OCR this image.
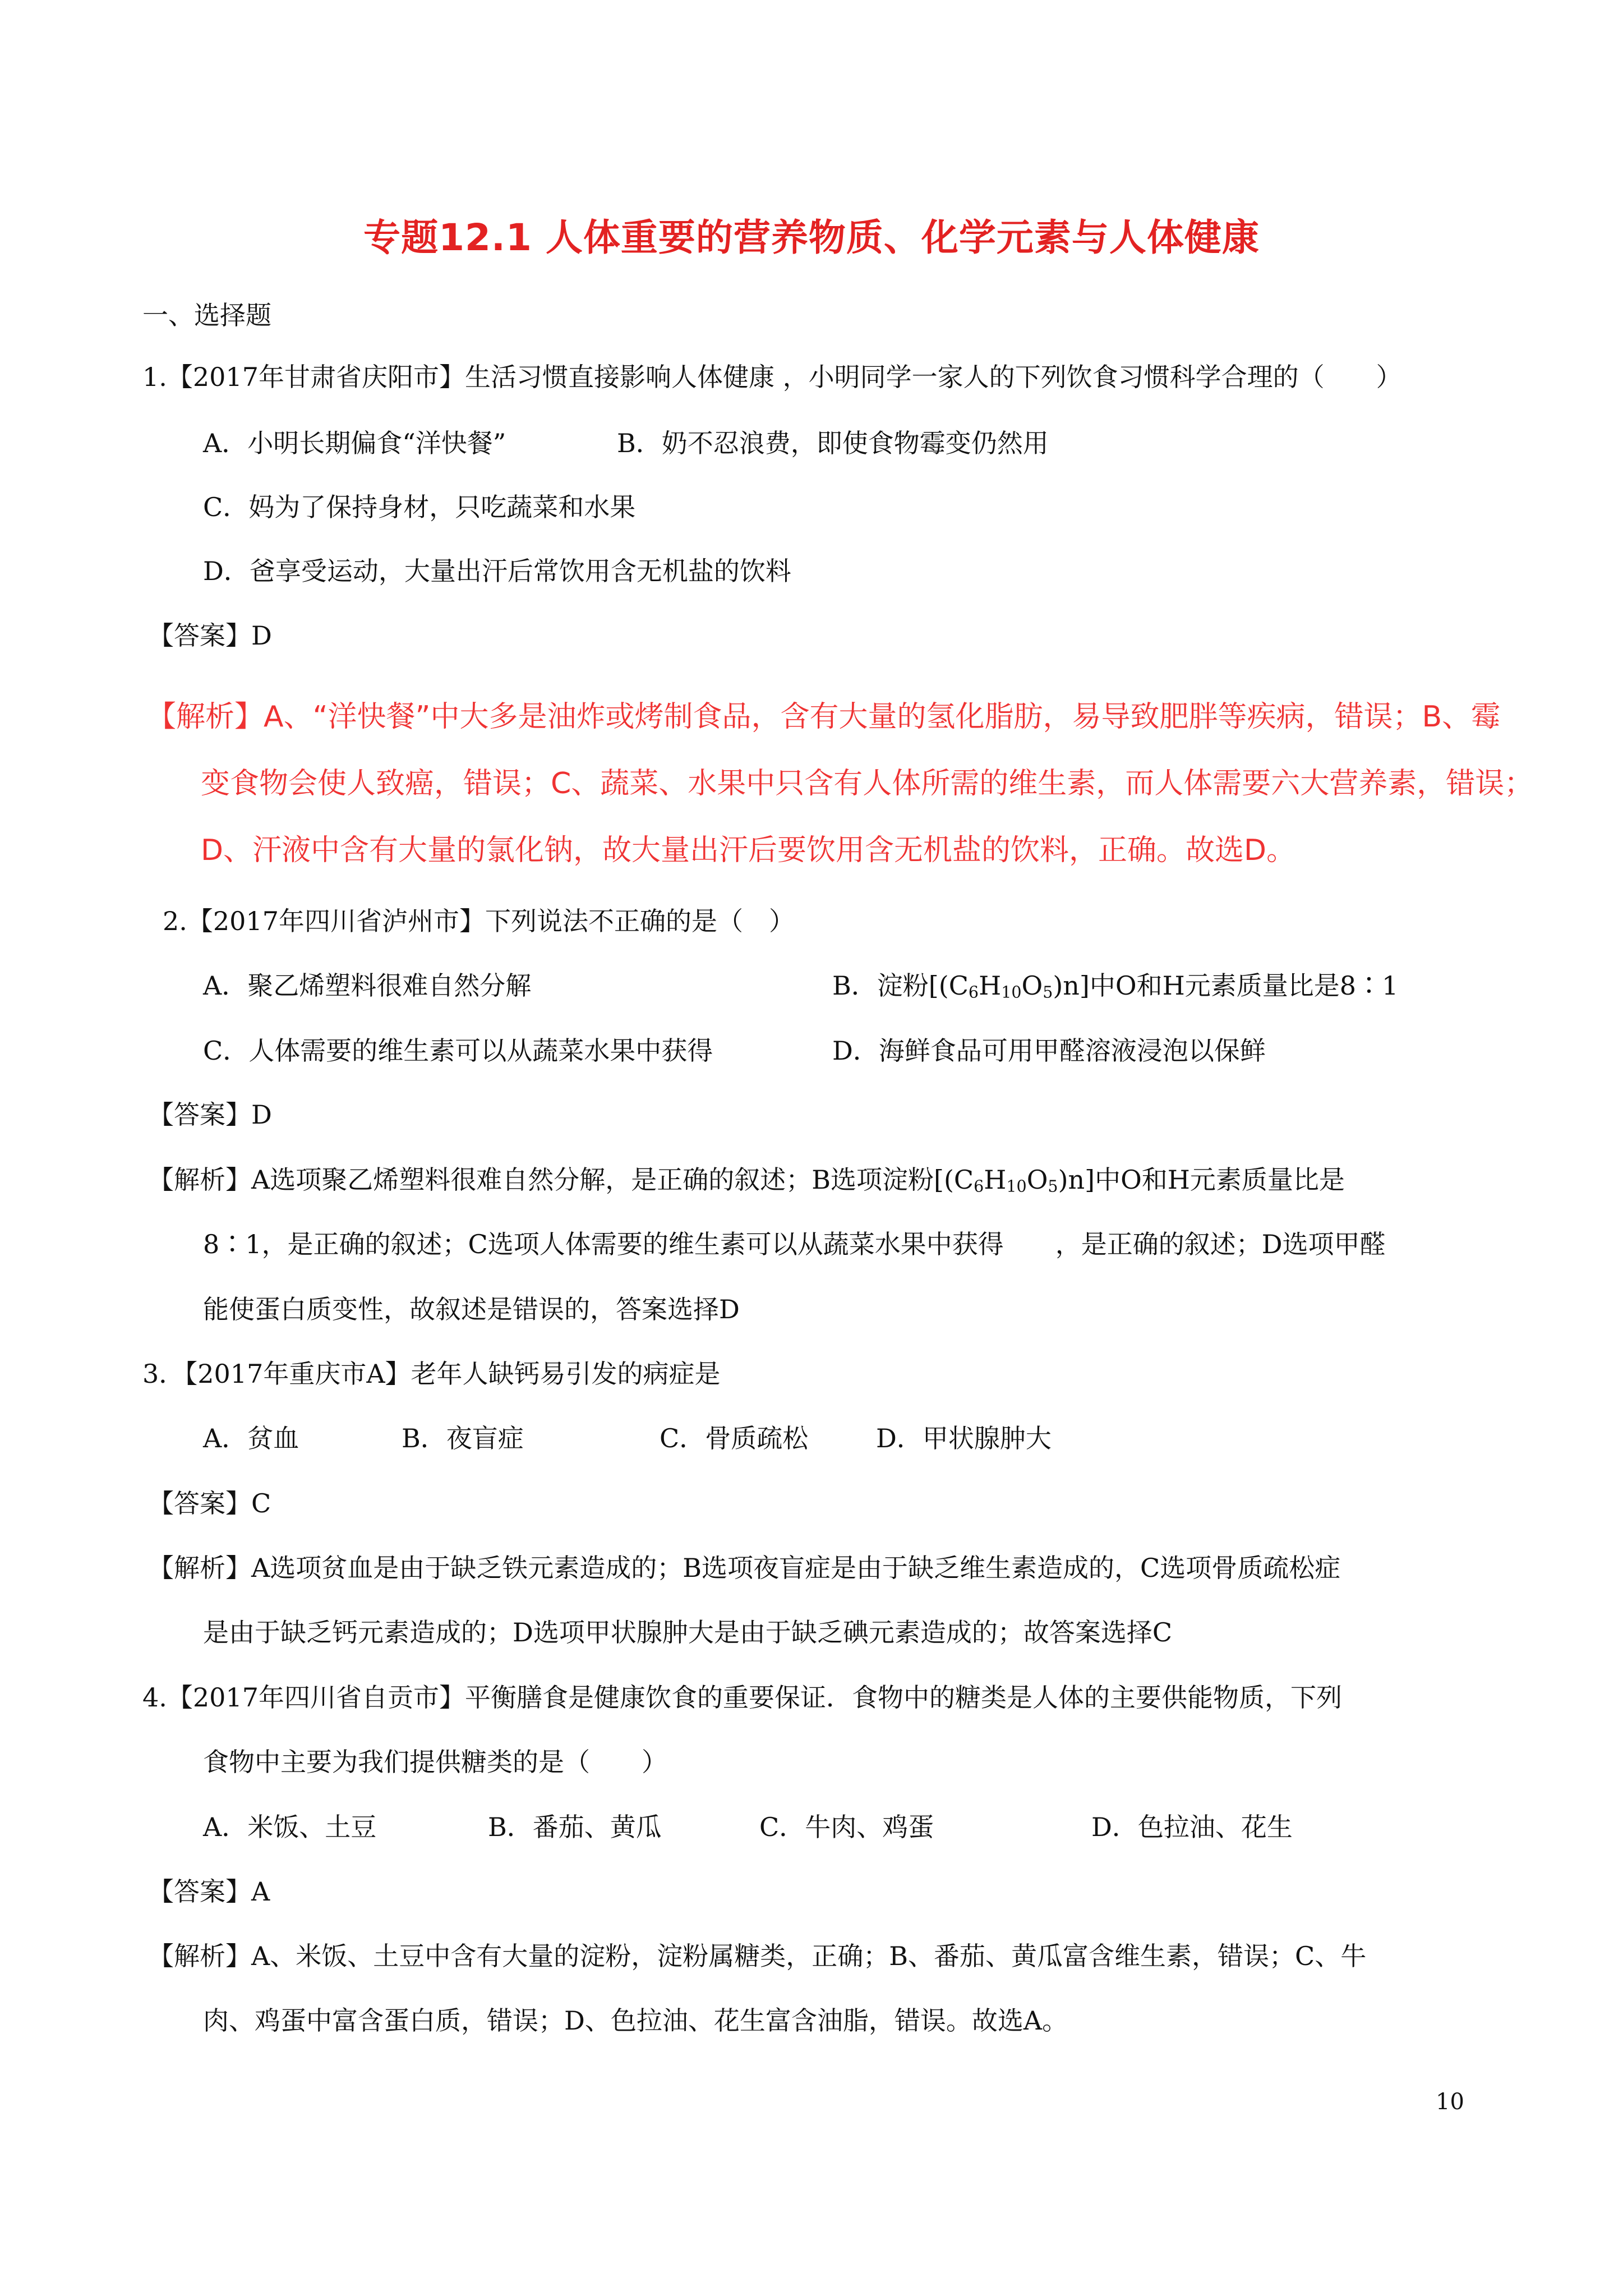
专题12.1 人体重要的营养物质、化学元素与人体健康
一、选择题
1.【2017年甘肃省庆阳市】生活习惯直接影响人体健康 ，小明同学一家人的下列饮食习惯科学合理的（　　）
A．小明长期偏食“洋快餐”	B．奶不忍浪费，即使食物霉变仍然用
C．妈为了保持身材，只吃蔬菜和水果
D．爸享受运动，大量出汗后常饮用含无机盐的饮料
【答案】D
【解析】A、“洋快餐”中大多是油炸或烤制食品，含有大量的氢化脂肪，易导致肥胖等疾病，错误；B、霉
变食物会使人致癌，错误；C、蔬菜、水果中只含有人体所需的维生素，而人体需要六大营养素，错误；
D、汗液中含有大量的氯化钠，故大量出汗后要饮用含无机盐的饮料，正确。故选D。
2.【2017年四川省泸州市】下列说法不正确的是（　）
A．聚乙烯塑料很难自然分解	B．淀粉[(C6H10O5)n]中O和H元素质量比是8∶1
C．人体需要的维生素可以从蔬菜水果中获得	D．海鲜食品可用甲醛溶液浸泡以保鲜
【答案】D
【解析】A选项聚乙烯塑料很难自然分解，是正确的叙述；B选项淀粉[(C6H10O5)n]中O和H元素质量比是
8∶1，是正确的叙述；C选项人体需要的维生素可以从蔬菜水果中获得　　，是正确的叙述；D选项甲醛
能使蛋白质变性，故叙述是错误的，答案选择D
3．【2017年重庆市A】老年人缺钙易引发的病症是
A．贫血	B．夜盲症	C．骨质疏松	D．甲状腺肿大
【答案】C
【解析】A选项贫血是由于缺乏铁元素造成的；B选项夜盲症是由于缺乏维生素造成的，C选项骨质疏松症
是由于缺乏钙元素造成的；D选项甲状腺肿大是由于缺乏碘元素造成的；故答案选择C
4.【2017年四川省自贡市】平衡膳食是健康饮食的重要保证．食物中的糖类是人体的主要供能物质，下列
食物中主要为我们提供糖类的是（　　）
A．米饭、土豆	B．番茄、黄瓜	C．牛肉、鸡蛋	D．色拉油、花生
【答案】A
【解析】A、米饭、土豆中含有大量的淀粉，淀粉属糖类，正确；B、番茄、黄瓜富含维生素，错误；C、牛
肉、鸡蛋中富含蛋白质，错误；D、色拉油、花生富含油脂，错误。故选A。
10
